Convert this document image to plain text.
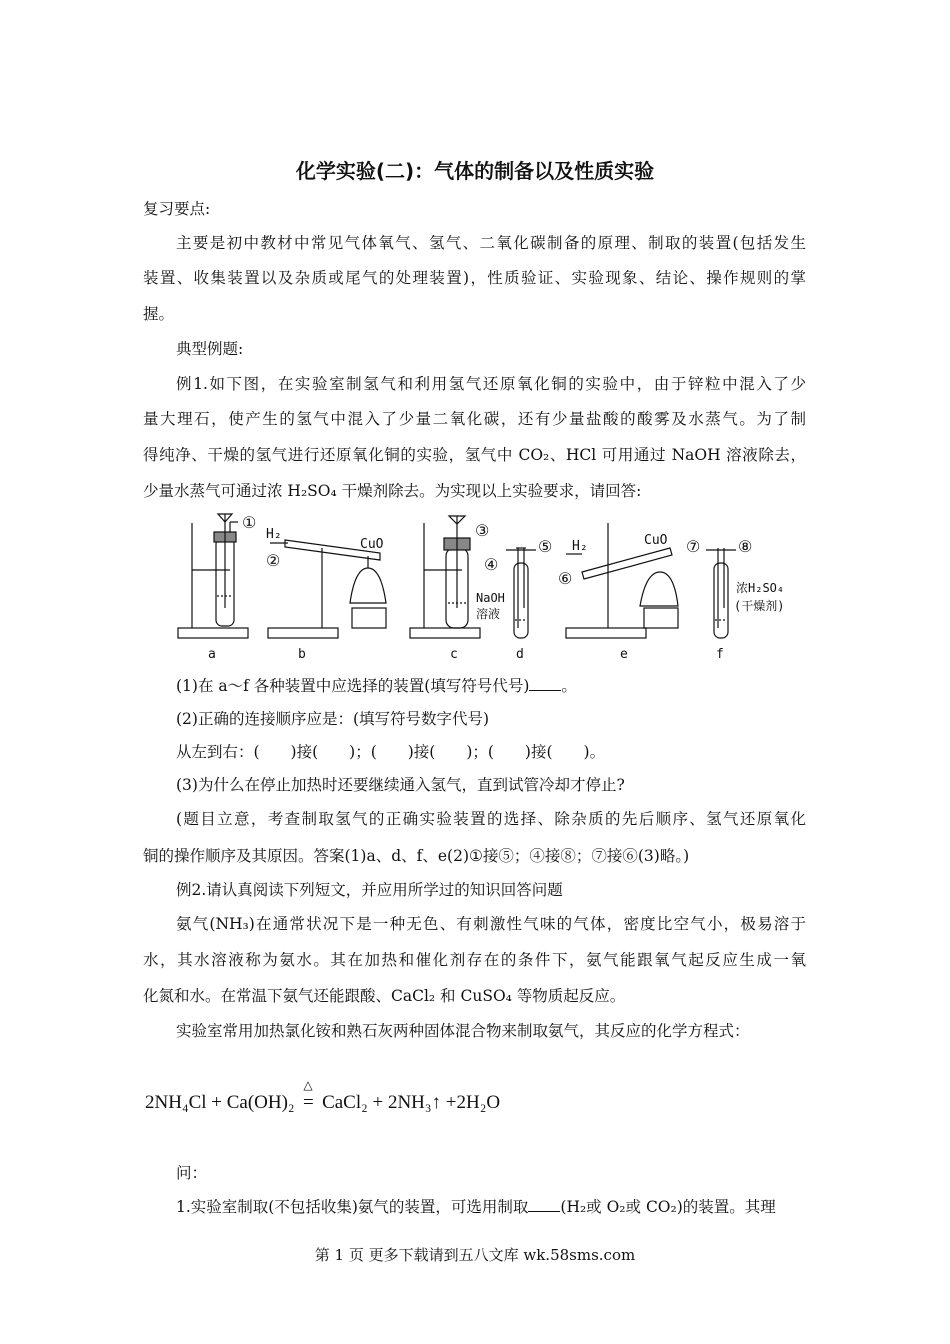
化学实验(二)：气体的制备以及性质实验
复习要点:
主要是初中教材中常见气体氧气、氢气、二氧化碳制备的原理、制取的装置(包括发生
装置、收集装置以及杂质或尾气的处理装置)，性质验证、实验现象、结论、操作规则的掌
握。
典型例题:
例1.如下图，在实验室制氢气和利用氢气还原氧化铜的实验中，由于锌粒中混入了少
量大理石，使产生的氢气中混入了少量二氧化碳，还有少量盐酸的酸雾及水蒸气。为了制
得纯净、干燥的氢气进行还原氧化铜的实验，氢气中 CO₂、HCl 可用通过 NaOH 溶液除去，
少量水蒸气可通过浓 H₂SO₄ 干燥剂除去。为实现以上实验要求，请回答:
①
a
H₂
②
CuO
b
③
c
④
⑤
NaOH
溶液
d
H₂
⑥
CuO
e
⑦ ⑧
浓H₂SO₄
(干燥剂)
f
(1)在 a～f 各种装置中应选择的装置(填写符号代号) 。
(2)正确的连接顺序应是：(填写符号数字代号)
从左到右：(　　)接(　　)；(　　)接(　　)；(　　)接(　　)。
(3)为什么在停止加热时还要继续通入氢气，直到试管冷却才停止?
(题目立意，考查制取氢气的正确实验装置的选择、除杂质的先后顺序、氢气还原氧化
铜的操作顺序及其原因。答案(1)a、d、f、e(2)①接⑤；④接⑧；⑦接⑥(3)略。)
例2.请认真阅读下列短文，并应用所学过的知识回答问题
氨气(NH₃)在通常状况下是一种无色、有刺激性气味的气体，密度比空气小，极易溶于
水，其水溶液称为氨水。其在加热和催化剂存在的条件下，氨气能跟氧气起反应生成一氧
化氮和水。在常温下氨气还能跟酸、CaCl₂ 和 CuSO₄ 等物质起反应。
实验室常用加热氯化铵和熟石灰两种固体混合物来制取氨气，其反应的化学方程式：
2NH₄Cl + Ca(OH)₂
△
= CaCl₂ + 2NH₃↑ +2H₂O
问：
1.实验室制取(不包括收集)氨气的装置，可选用制取 (H₂或 O₂或 CO₂)的装置。其理
第 1 页 更多下载请到五八文库 wk.58sms.com
